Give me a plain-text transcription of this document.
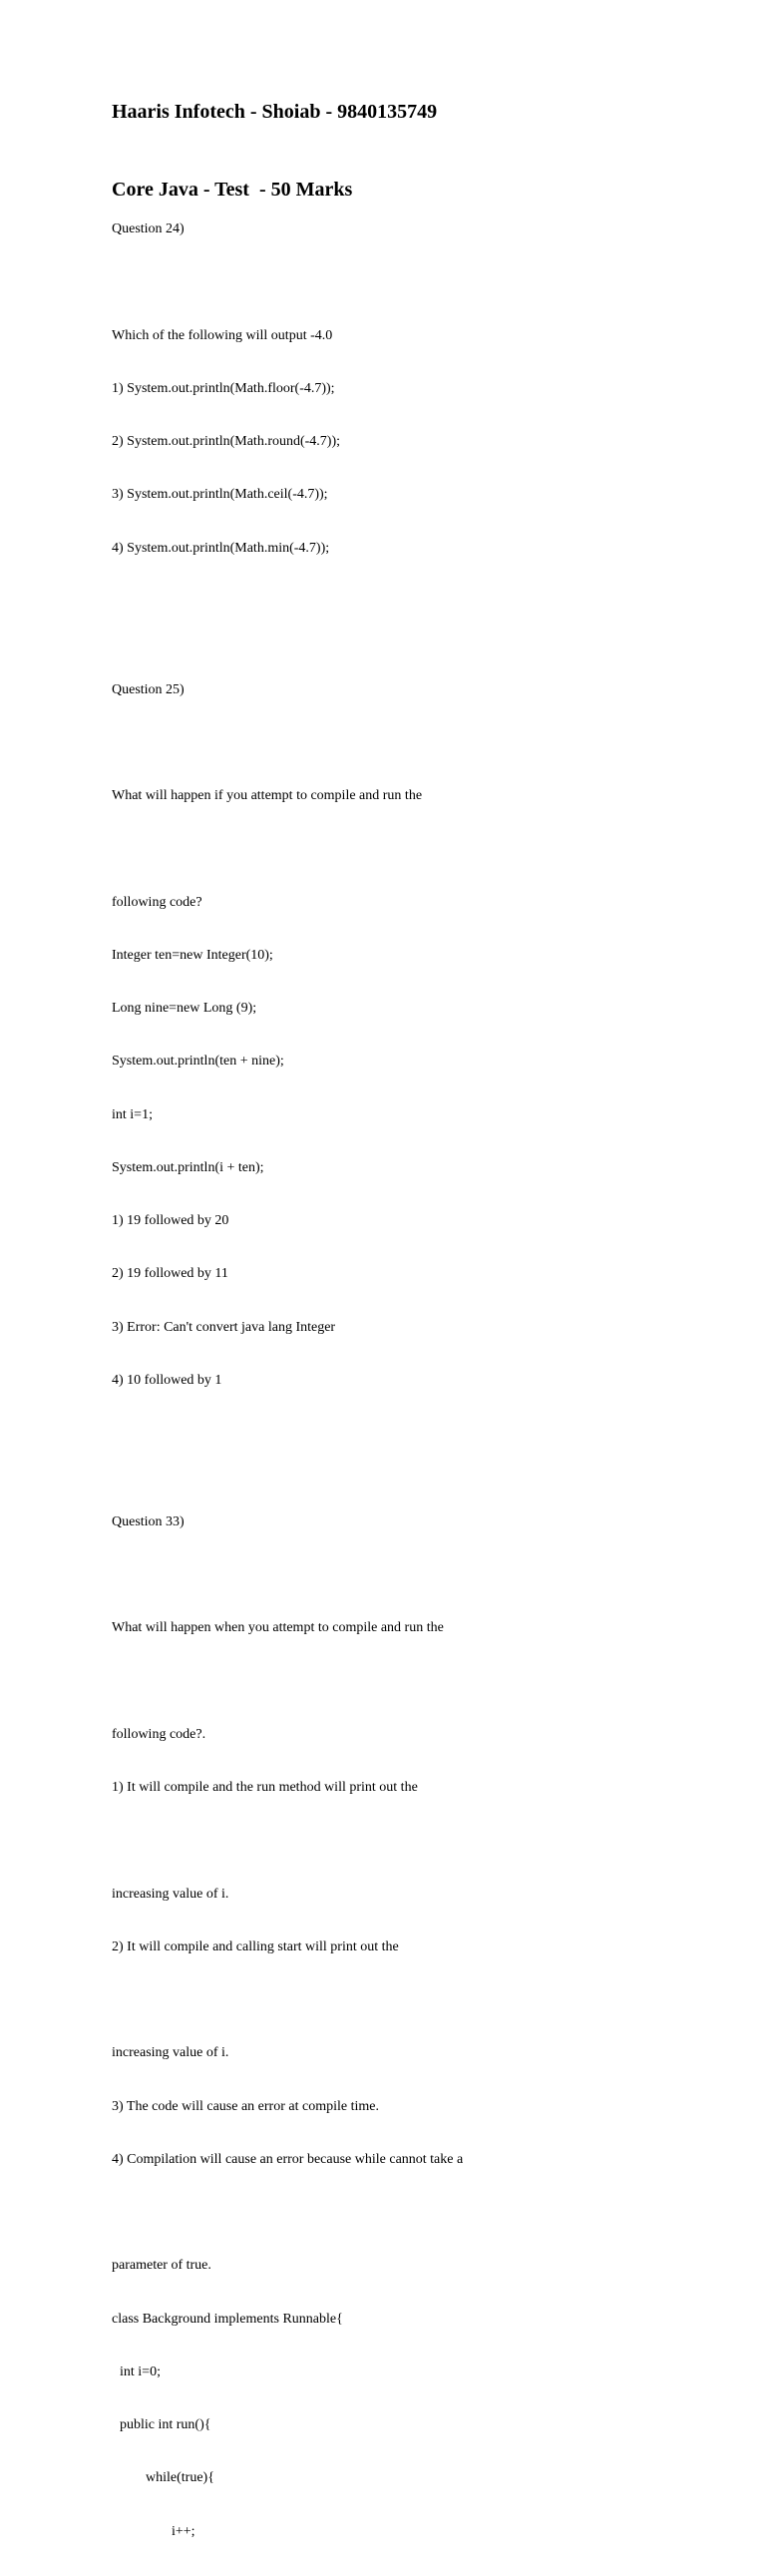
Haaris Infotech - Shoiab - 9840135749

Core Java - Test  - 50 Marks

Question 24)

Which of the following will output -4.0

1) System.out.println(Math.floor(-4.7));

2) System.out.println(Math.round(-4.7));

3) System.out.println(Math.ceil(-4.7));

4) System.out.println(Math.min(-4.7));

Question 25)

What will happen if you attempt to compile and run the

following code?

Integer ten=new Integer(10);

Long nine=new Long (9);

System.out.println(ten + nine);

int i=1;

System.out.println(i + ten);

1) 19 followed by 20

2) 19 followed by 11

3) Error: Can't convert java lang Integer

4) 10 followed by 1

Question 33)

What will happen when you attempt to compile and run the

following code?.

1) It will compile and the run method will print out the

increasing value of i.

2) It will compile and calling start will print out the

increasing value of i.

3) The code will cause an error at compile time.

4) Compilation will cause an error because while cannot take a

parameter of true.

class Background implements Runnable{

int i=0;

public int run(){

while(true){

i++;
